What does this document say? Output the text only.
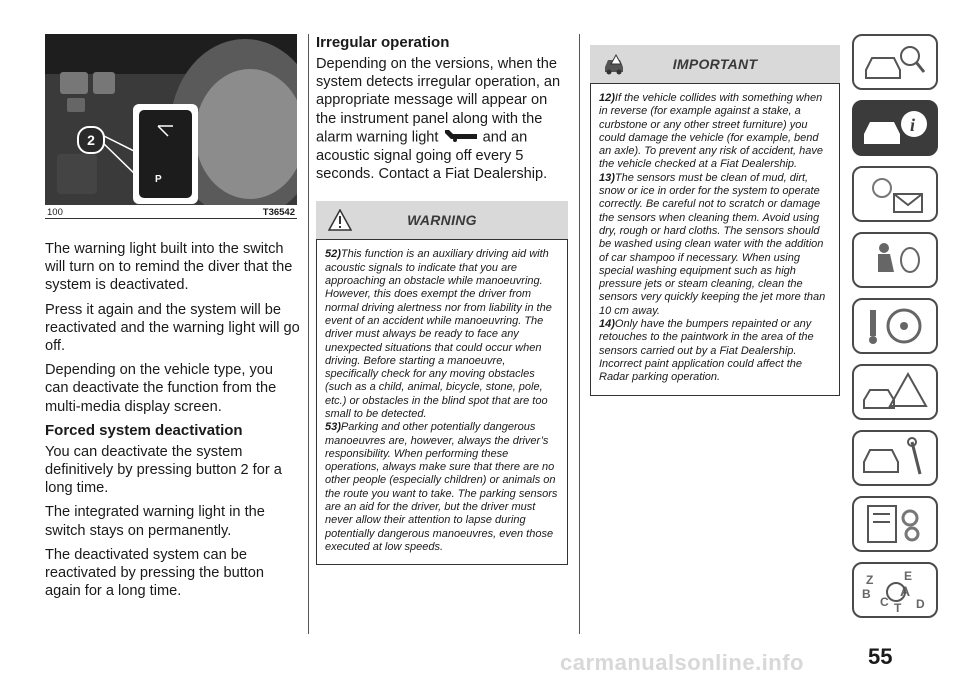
2
P
100	T36542

The warning light built into the switch will turn on to remind the diver that the system is deactivated.

Press it again and the system will be reactivated and the warning light will go off.

Depending on the vehicle type, you can deactivate the function from the multi-media display screen.

Forced system deactivation

You can deactivate the system definitively by pressing button 2 for a long time.

The integrated warning light in the switch stays on permanently.

The deactivated system can be reactivated by pressing the button again for a long time.

Irregular operation

Depending on the versions, when the system detects irregular operation, an appropriate message will appear on the instrument panel along with the alarm warning light	and an acoustic signal going off every 5 seconds. Contact a Fiat Dealership.

WARNING

52)This function is an auxiliary driving aid with acoustic signals to indicate that you are approaching an obstacle while manoeuvring. However, this does exempt the driver from normal driving alertness nor from liability in the event of an accident while manoeuvring. The driver must always be ready to face any unexpected situations that could occur when driving. Before starting a manoeuvre, specifically check for any moving obstacles (such as a child, animal, bicycle, stone, pole, etc.) or obstacles in the blind spot that are too small to be detected.

53)Parking and other potentially dangerous manoeuvres are, however, always the driver’s responsibility. When performing these operations, always make sure that there are no other people (especially children) or animals on the route you want to take. The parking sensors are an aid for the driver, but the driver must never allow their attention to lapse during potentially dangerous manoeuvres, even those executed at low speeds.

IMPORTANT

12)If the vehicle collides with something when in reverse (for example against a stake, a curbstone or any other street furniture) you could damage the vehicle (for example, bend an axle). To prevent any risk of accident, have the vehicle checked at a Fiat Dealership.

13)The sensors must be clean of mud, dirt, snow or ice in order for the system to operate correctly. Be careful not to scratch or damage the sensors when cleaning them. Avoid using dry, rough or hard cloths. The sensors should be washed using clean water with the addition of car shampoo if necessary. When using special washing equipment such as high pressure jets or steam cleaning, clean the sensors very quickly keeping the jet more than 10 cm away.

14)Only have the bumpers repainted or any retouches to the paintwork in the area of the sensors carried out by a Fiat Dealership. Incorrect paint application could affect the Radar parking operation.

i
Z	E
B A
C D
T
carmanualsonline.info	55
